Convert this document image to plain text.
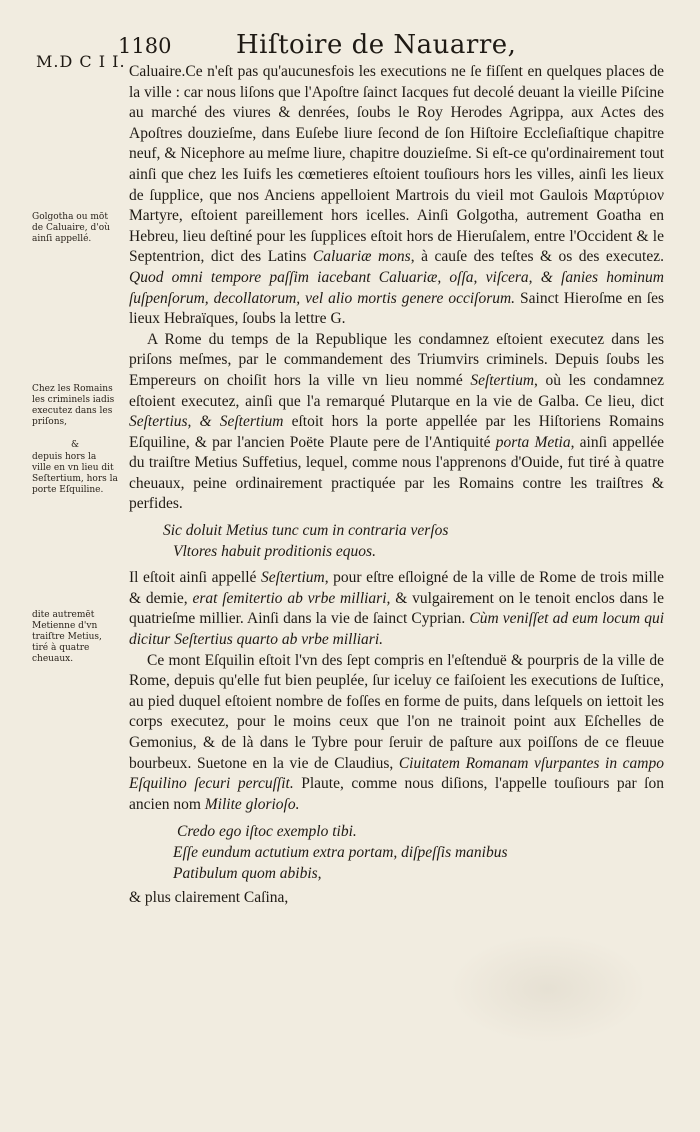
M.D C I I.
1180 Hiſtoire de Nauarre,
Golgotha ou mōt de Caluaire, d'où ainſi appellé.
Chez les Romains les criminels iadis executez dans les priſons,
&
depuis hors la ville en vn lieu dit Seſtertium, hors la porte Eſquiline.
dite autremēt Metienne d'vn traiſtre Metius, tiré à quatre cheuaux.

Caluaire.Ce n'eſt pas qu'aucunesfois les executions ne ſe fiſſent en quelques places de la ville : car nous liſons que l'Apoſtre ſainct Iacques fut decolé deuant la vieille Piſcine au marché des viures & denrées, ſoubs le Roy Herodes Agrippa, aux Actes des Apoſtres douzieſme, dans Euſebe liure ſecond de ſon Hiſtoire Eccleſiaſtique chapitre neuf, & Nicephore au meſme liure, chapitre douzieſme. Si eſt-ce qu'ordinairement tout ainſi que chez les Iuifs les cœmetieres eſtoient touſiours hors les villes, ainſi les lieux de ſupplice, que nos Anciens appelloient Martrois du vieil mot Gaulois Μαρτύριον Martyre, eſtoient pareillement hors icelles. Ainſi Golgotha, autrement Goatha en Hebreu, lieu deſtiné pour les ſupplices eſtoit hors de Hieruſalem, entre l'Occident & le Septentrion, dict des Latins Caluariæ mons, à cauſe des teſtes & os des executez. Quod omni tempore paſſim iacebant Caluariæ, oſſa, viſcera, & ſanies hominum ſuſpenſorum, decollatorum, vel alio mortis genere occiſorum. Sainct Hieroſme en ſes lieux Hebraïques, ſoubs la lettre G.

A Rome du temps de la Republique les condamnez eſtoient executez dans les priſons meſmes, par le commandement des Triumvirs criminels. Depuis ſoubs les Empereurs on choiſit hors la ville vn lieu nommé Seſtertium, où les condamnez eſtoient executez, ainſi que l'a remarqué Plutarque en la vie de Galba. Ce lieu, dict Seſtertius, & Seſtertium eſtoit hors la porte appellée par les Hiſtoriens Romains Eſquiline, & par l'ancien Poëte Plaute pere de l'Antiquité porta Metia, ainſi appellée du traiſtre Metius Suffetius, lequel, comme nous l'apprenons d'Ouide, fut tiré à quatre cheuaux, peine ordinairement practiquée par les Romains contre les traiſtres & perfides.

Sic doluit Metius tunc cum in contraria verſos
Vltores habuit proditionis equos.

Il eſtoit ainſi appellé Seſtertium, pour eſtre eſloigné de la ville de Rome de trois mille & demie, erat ſemitertio ab vrbe milliari, & vulgairement on le tenoit enclos dans le quatrieſme millier. Ainſi dans la vie de ſainct Cyprian. Cùm veniſſet ad eum locum qui dicitur Seſtertius quarto ab vrbe milliari.

Ce mont Eſquilin eſtoit l'vn des ſept compris en l'eſtenduë & pourpris de la ville de Rome, depuis qu'elle fut bien peuplée, ſur iceluy ce faiſoient les executions de Iuſtice, au pied duquel eſtoient nombre de foſſes en forme de puits, dans leſquels on iettoit les corps executez, pour le moins ceux que l'on ne trainoit point aux Eſchelles de Gemonius, & de là dans le Tybre pour ſeruir de paſture aux poiſſons de ce fleuue bourbeux. Suetone en la vie de Claudius, Ciuitatem Romanam vſurpantes in campo Eſquilino ſecuri percuſſit. Plaute, comme nous diſions, l'appelle touſiours par ſon ancien nom Milite glorioſo.

Credo ego iſtoc exemplo tibi.
Eſſe eundum actutium extra portam, diſpeſſis manibus
Patibulum quom abibis,

& plus clairement Caſina,
